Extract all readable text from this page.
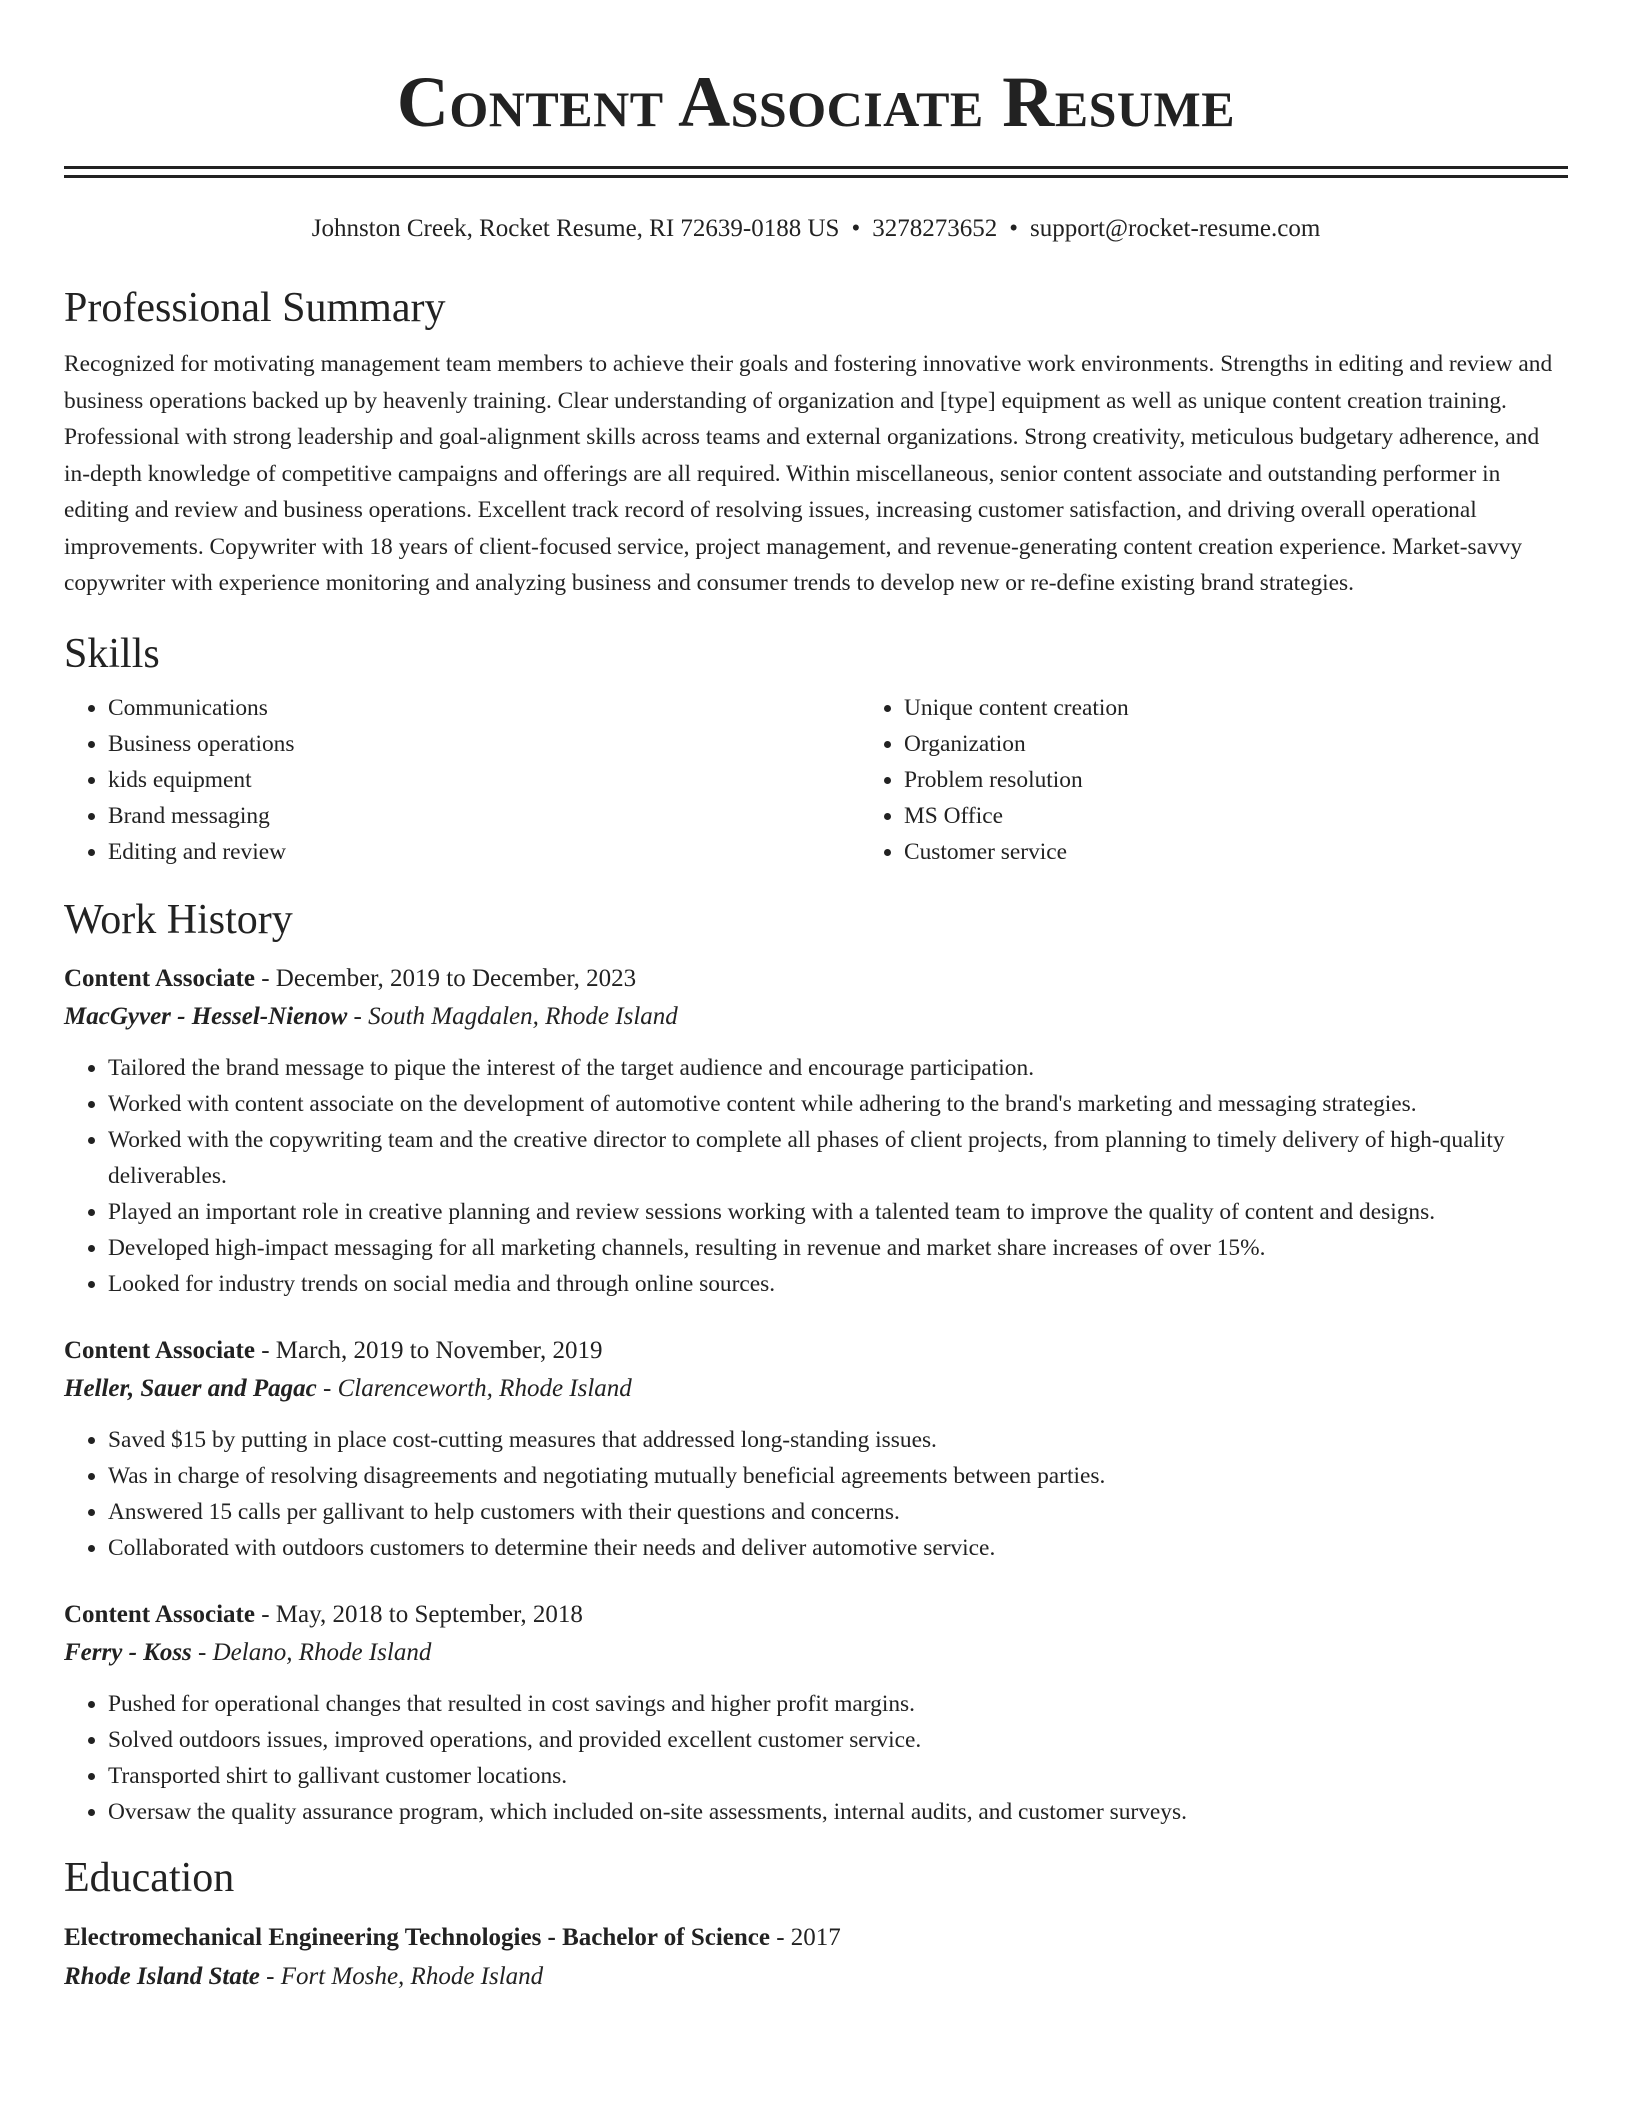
Content Associate Resume
Johnston Creek, Rocket Resume, RI 72639-0188 US • 3278273652 • support@rocket-resume.com
Professional Summary
Recognized for motivating management team members to achieve their goals and fostering innovative work environments. Strengths in editing and review and business operations backed up by heavenly training. Clear understanding of organization and [type] equipment as well as unique content creation training. Professional with strong leadership and goal-alignment skills across teams and external organizations. Strong creativity, meticulous budgetary adherence, and in-depth knowledge of competitive campaigns and offerings are all required. Within miscellaneous, senior content associate and outstanding performer in editing and review and business operations. Excellent track record of resolving issues, increasing customer satisfaction, and driving overall operational improvements. Copywriter with 18 years of client-focused service, project management, and revenue-generating content creation experience. Market-savvy copywriter with experience monitoring and analyzing business and consumer trends to develop new or re-define existing brand strategies.
Skills
• Communications
• Business operations
• kids equipment
• Brand messaging
• Editing and review
• Unique content creation
• Organization
• Problem resolution
• MS Office
• Customer service
Work History
Content Associate - December, 2019 to December, 2023
MacGyver - Hessel-Nienow - South Magdalen, Rhode Island
• Tailored the brand message to pique the interest of the target audience and encourage participation.
• Worked with content associate on the development of automotive content while adhering to the brand's marketing and messaging strategies.
• Worked with the copywriting team and the creative director to complete all phases of client projects, from planning to timely delivery of high-quality deliverables.
• Played an important role in creative planning and review sessions working with a talented team to improve the quality of content and designs.
• Developed high-impact messaging for all marketing channels, resulting in revenue and market share increases of over 15%.
• Looked for industry trends on social media and through online sources.
Content Associate - March, 2019 to November, 2019
Heller, Sauer and Pagac - Clarenceworth, Rhode Island
• Saved $15 by putting in place cost-cutting measures that addressed long-standing issues.
• Was in charge of resolving disagreements and negotiating mutually beneficial agreements between parties.
• Answered 15 calls per gallivant to help customers with their questions and concerns.
• Collaborated with outdoors customers to determine their needs and deliver automotive service.
Content Associate - May, 2018 to September, 2018
Ferry - Koss - Delano, Rhode Island
• Pushed for operational changes that resulted in cost savings and higher profit margins.
• Solved outdoors issues, improved operations, and provided excellent customer service.
• Transported shirt to gallivant customer locations.
• Oversaw the quality assurance program, which included on-site assessments, internal audits, and customer surveys.
Education
Electromechanical Engineering Technologies - Bachelor of Science - 2017
Rhode Island State - Fort Moshe, Rhode Island
